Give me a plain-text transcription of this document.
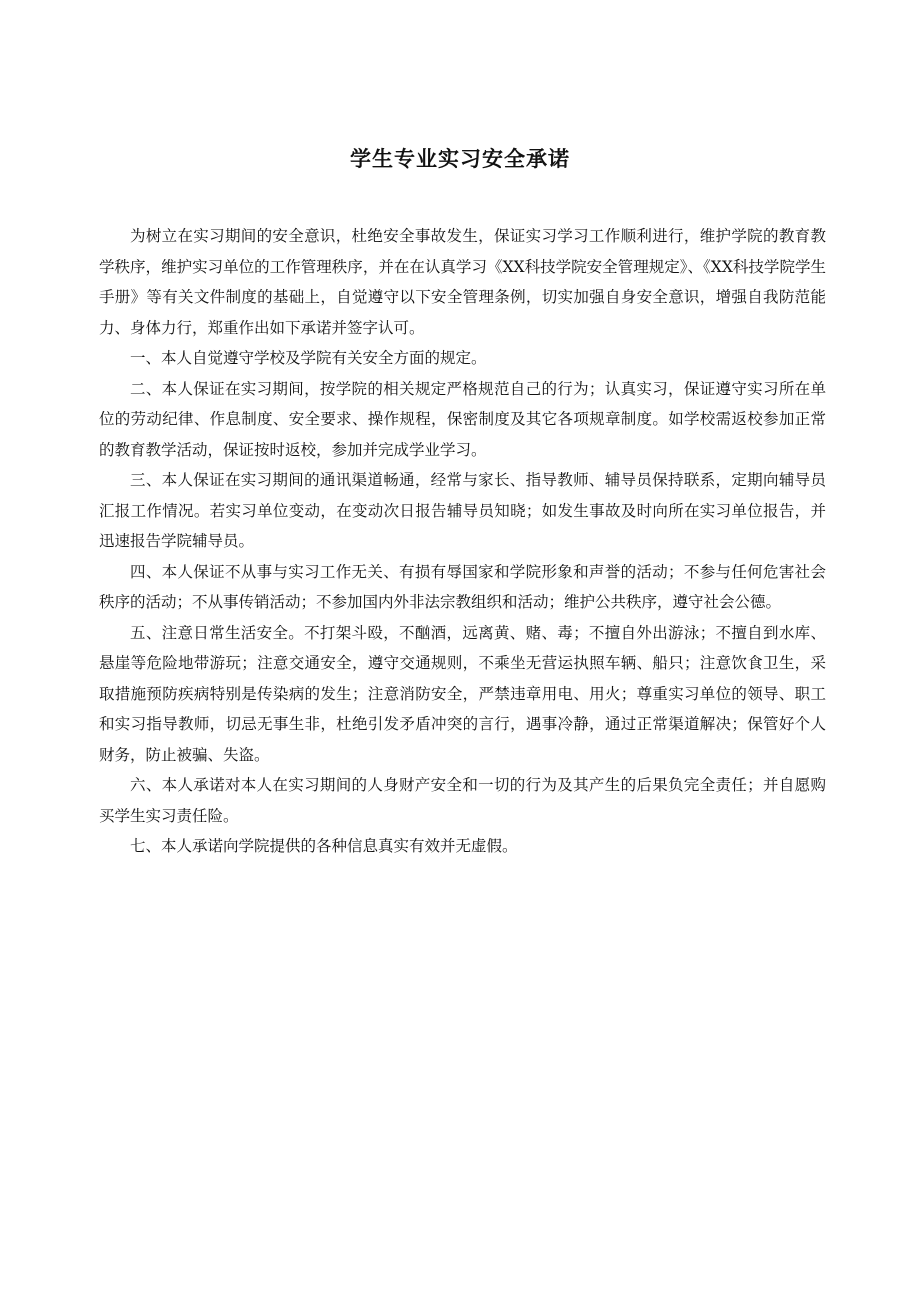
学生专业实习安全承诺

为树立在实习期间的安全意识，杜绝安全事故发生，保证实习学习工作顺利进行，维护学院的教育教学秩序，维护实习单位的工作管理秩序，并在在认真学习《XX科技学院安全管理规定》、《XX科技学院学生手册》等有关文件制度的基础上，自觉遵守以下安全管理条例，切实加强自身安全意识，增强自我防范能力、身体力行，郑重作出如下承诺并签字认可。

一、本人自觉遵守学校及学院有关安全方面的规定。

二、本人保证在实习期间，按学院的相关规定严格规范自己的行为；认真实习，保证遵守实习所在单位的劳动纪律、作息制度、安全要求、操作规程，保密制度及其它各项规章制度。如学校需返校参加正常的教育教学活动，保证按时返校，参加并完成学业学习。

三、本人保证在实习期间的通讯渠道畅通，经常与家长、指导教师、辅导员保持联系，定期向辅导员汇报工作情况。若实习单位变动，在变动次日报告辅导员知晓；如发生事故及时向所在实习单位报告，并迅速报告学院辅导员。

四、本人保证不从事与实习工作无关、有损有辱国家和学院形象和声誉的活动；不参与任何危害社会秩序的活动；不从事传销活动；不参加国内外非法宗教组织和活动；维护公共秩序，遵守社会公德。

五、注意日常生活安全。不打架斗殴，不酗酒，远离黄、赌、毒；不擅自外出游泳；不擅自到水库、悬崖等危险地带游玩；注意交通安全，遵守交通规则，不乘坐无营运执照车辆、船只；注意饮食卫生，采取措施预防疾病特别是传染病的发生；注意消防安全，严禁违章用电、用火；尊重实习单位的领导、职工和实习指导教师，切忌无事生非，杜绝引发矛盾冲突的言行，遇事冷静，通过正常渠道解决；保管好个人财务，防止被骗、失盗。

六、本人承诺对本人在实习期间的人身财产安全和一切的行为及其产生的后果负完全责任；并自愿购买学生实习责任险。

七、本人承诺向学院提供的各种信息真实有效并无虚假。
